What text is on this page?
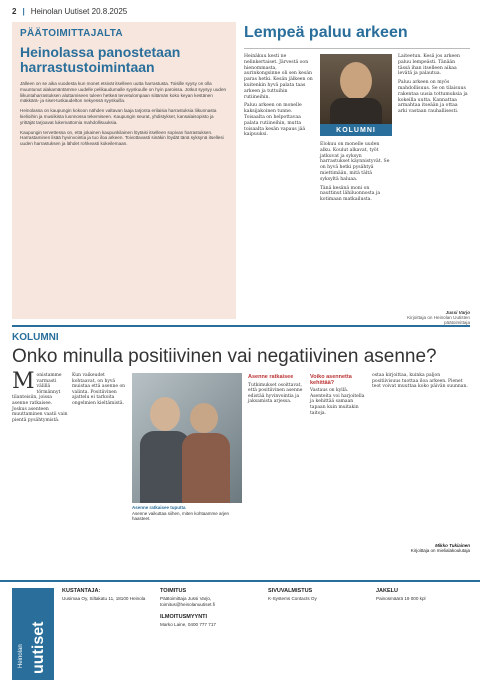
2 | Heinolan Uutiset 20.8.2025
PÄÄTOIMITTAJALTA
Heinolassa panostetaan harrastustoimintaan

Jälleen on se aika vuodesta kun monet etsivät itselleen uutta harrastusta. Toisille syysy on olla muuntunut alakamäntämme uudelle pelikaudumalle syyskuulle on hyin paroissa. Jotkut syysyy uuden liikuntaharrastuksen aluttamiseen tuleen hetkeä tervetulompaan siitämän koko keyan kestänen mäkkärä- ja siset-tuskaudelton nekyessä syyskuilla.

Heinolassa on kaupungin kokoon nähden valtavan laaja tarjonta erilaisia harrastuksia liikunnasta kielioihin ja musiikista luonnossa tekemiseen. Kaupungin seurat, yhdistykset, kansalaisopisto ja yrittäjät tarjoavat lukemattomia mahdollisuuksia.

Kaupungin tervettessa on, että jokainen kaupunkilainen löytäisi itselleen sopivan harrastuksen. Harrastaminen lisää hyvinvointia ja tuo iloa arkeen. Toivottavasti sinäkin löydät tänä syksynä itsellesi uuden harrastuksen ja lähdet rohkeasti kokeilemaan.

Lempeä paluu arkeen

Heinäkuu kesti ne nelinkertaiset. Järvestä oon hienommasta, aurinkongsinne oli sen kesän paras hetki. Kesän jälkeen on kuitenkin hyvä palata taas arkeen ja tuttuihin rutiineihin.

Paluu arkeen on monelle kaksijakoinen tunne. Toisaalta on helpottavaa palata rutiineihin, mutta toisaalta kesän vapaus jää kaipuuksi.

KOLUMNI

Elokuu on monelle uuden alku. Koulut alkavat, työt jatkuvat ja syksyn harrastukset käynnistyvät. Se on hyvä hetki pysähtyä miettimään, mitä tältä syksyltä haluaa.

Tänä kesänä moni on nauttinut lähiluonnosta ja kotimaan matkailusta.

Laiteetun. Kesä jos arkeen paluu lempeästi. Tänään tässä ihan itselleen aikaa levätä ja palautua.

Paluu arkeen on myös mahdollisuus. Se on tilaisuus rakentaa uusia tottumuksia ja kokeilla uutta. Kannattaa armahtaa itseään ja ottaa arki vastaan rauhallisesti.

Jussi Varjo
Kirjoittaja on Heinolan Uutisten päätoimittaja
KOLUMNI
Onko minulla positiivinen vai negatiivinen asenne?
M onistamme varmasti välillä törmännyt tilanteisiin, joissa asenne ratkaisee. Joskus asenteen muuttaminen vaatii vain pientä pysähtymistä.

Kun vaikeudet kohtaavat, on hyvä muistaa että asenne on valinta. Positiivinen ajattelu ei tarkoita ongelmien kieltämistä.

Asenne ratkaisee tuputta
Asenne vaikuttaa siihen, miten kohtaamme arjen haasteet.
Asenne ratkaisee

Tutkimukset osoittavat, että positiivinen asenne edistää hyvinvointia ja jaksamista arjessa.

Voiko asennetta kehittää?

Vastaus on kyllä. Asenteita voi harjoitella ja kehittää samaan tapaan kuin muitakin taitoja.

ostaa kirjoittaa, kuinka paljon positiivisuus tuottaa iloa arkeen. Pienet teot voivat muuttaa koko päivän suunnan.

Mikko Tukiainen
Kirjoittaja on mielialakoulutaja
Heinolan uutiset
KUSTANTAJA:
Uusimaa Oy, Siltakatu 11, 18100 Heinola
TOIMITUS
Päätoimittaja Jussi Varjo, toimitus@heinolanuutiset.fi
ILMOITUSMYYNTI
Marko Laine, 0400 777 717
SIVUVALMISTUS
K-Systems Contacts Oy
JAKELU
Painosmäärä 19 000 kpl
